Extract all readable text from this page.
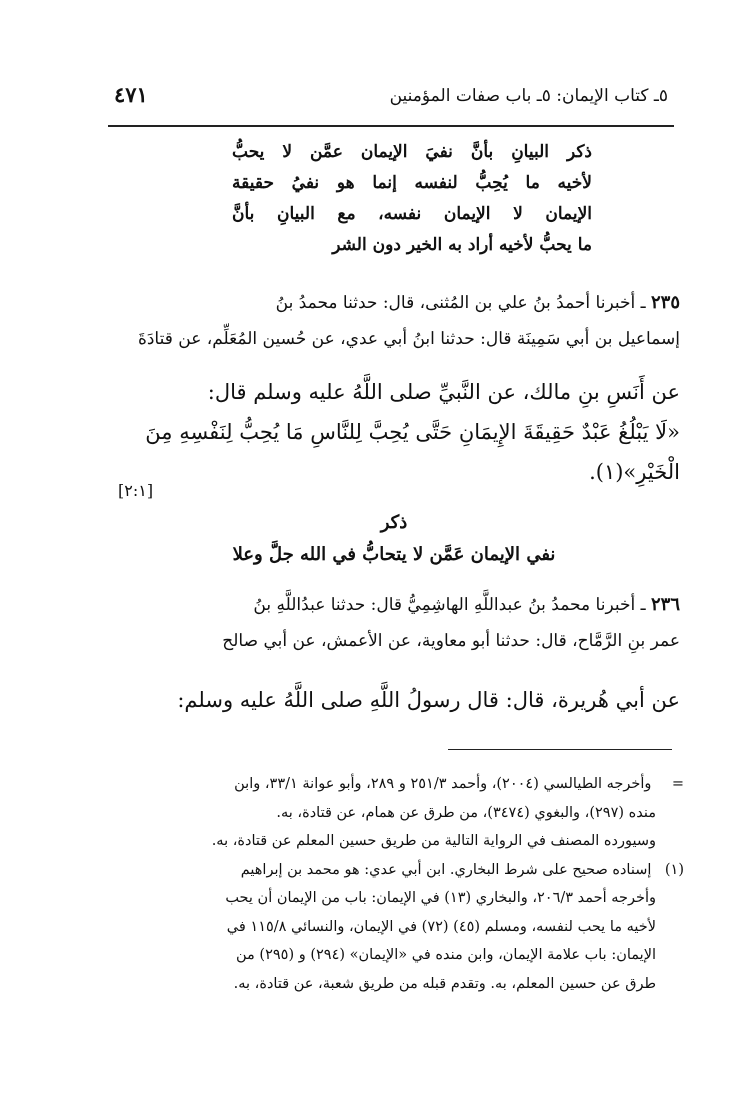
٥ـ كتاب الإيمان: ٥ـ باب صفات المؤمنين
٤٧١
ذكر البيانِ بأنَّ نفيَ الإيمان عمَّن لا يحبُّ
لأخيه ما يُحِبُّ لنفسه إنما هو نفيُ حقيقة
الإيمان لا الإيمان نفسه، مع البيانِ بأنَّ
ما يحبُّ لأخيه أراد به الخير دون الشر
٢٣٥ ـ أخبرنا أحمدُ بنُ علي بن المُثنى، قال: حدثنا محمدُ بنُ
إسماعيل بن أبي سَمِينَة قال: حدثنا ابنُ أبي عدي، عن حُسين المُعَلِّم، عن قتادَةَ
عن أَنَسِ بنِ مالك، عن النَّبيِّ صلى اللَّهُ عليه وسلم قال:
«لَا يَبْلُغُ عَبْدٌ حَقِيقَةَ الإِيمَانِ حَتَّى يُحِبَّ لِلنَّاسِ مَا يُحِبُّ لِنَفْسِهِ مِنَ
الْخَيْرِ»(١).
[٢:١]
ذكر
نفي الإيمان عَمَّن لا يتحابُّ في الله جلَّ وعلا
٢٣٦ ـ أخبرنا محمدُ بنُ عبداللَّهِ الهاشِمِيُّ قال: حدثنا عبدُاللَّهِ بنُ
عمر بنِ الرَّمَّاح، قال: حدثنا أبو معاوية، عن الأعمش، عن أبي صالح
عن أبي هُريرة، قال: قال رسولُ اللَّهِ صلى اللَّهُ عليه وسلم:
= وأخرجه الطيالسي (٢٠٠٤)، وأحمد ٢٥١/٣ و ٢٨٩، وأبو عوانة ٣٣/١، وابن
منده (٢٩٧)، والبغوي (٣٤٧٤)، من طرق عن همام، عن قتادة، به.
وسيورده المصنف في الرواية التالية من طريق حسين المعلم عن قتادة، به.
(١) إسناده صحيح على شرط البخاري. ابن أبي عدي: هو محمد بن إبراهيم
وأخرجه أحمد ٢٠٦/٣، والبخاري (١٣) في الإيمان: باب من الإيمان أن يحب
لأخيه ما يحب لنفسه، ومسلم (٤٥) (٧٢) في الإيمان، والنسائي ١١٥/٨ في
الإيمان: باب علامة الإيمان، وابن منده في «الإيمان» (٢٩٤) و (٢٩٥) من
طرق عن حسين المعلم، به. وتقدم قبله من طريق شعبة، عن قتادة، به.
